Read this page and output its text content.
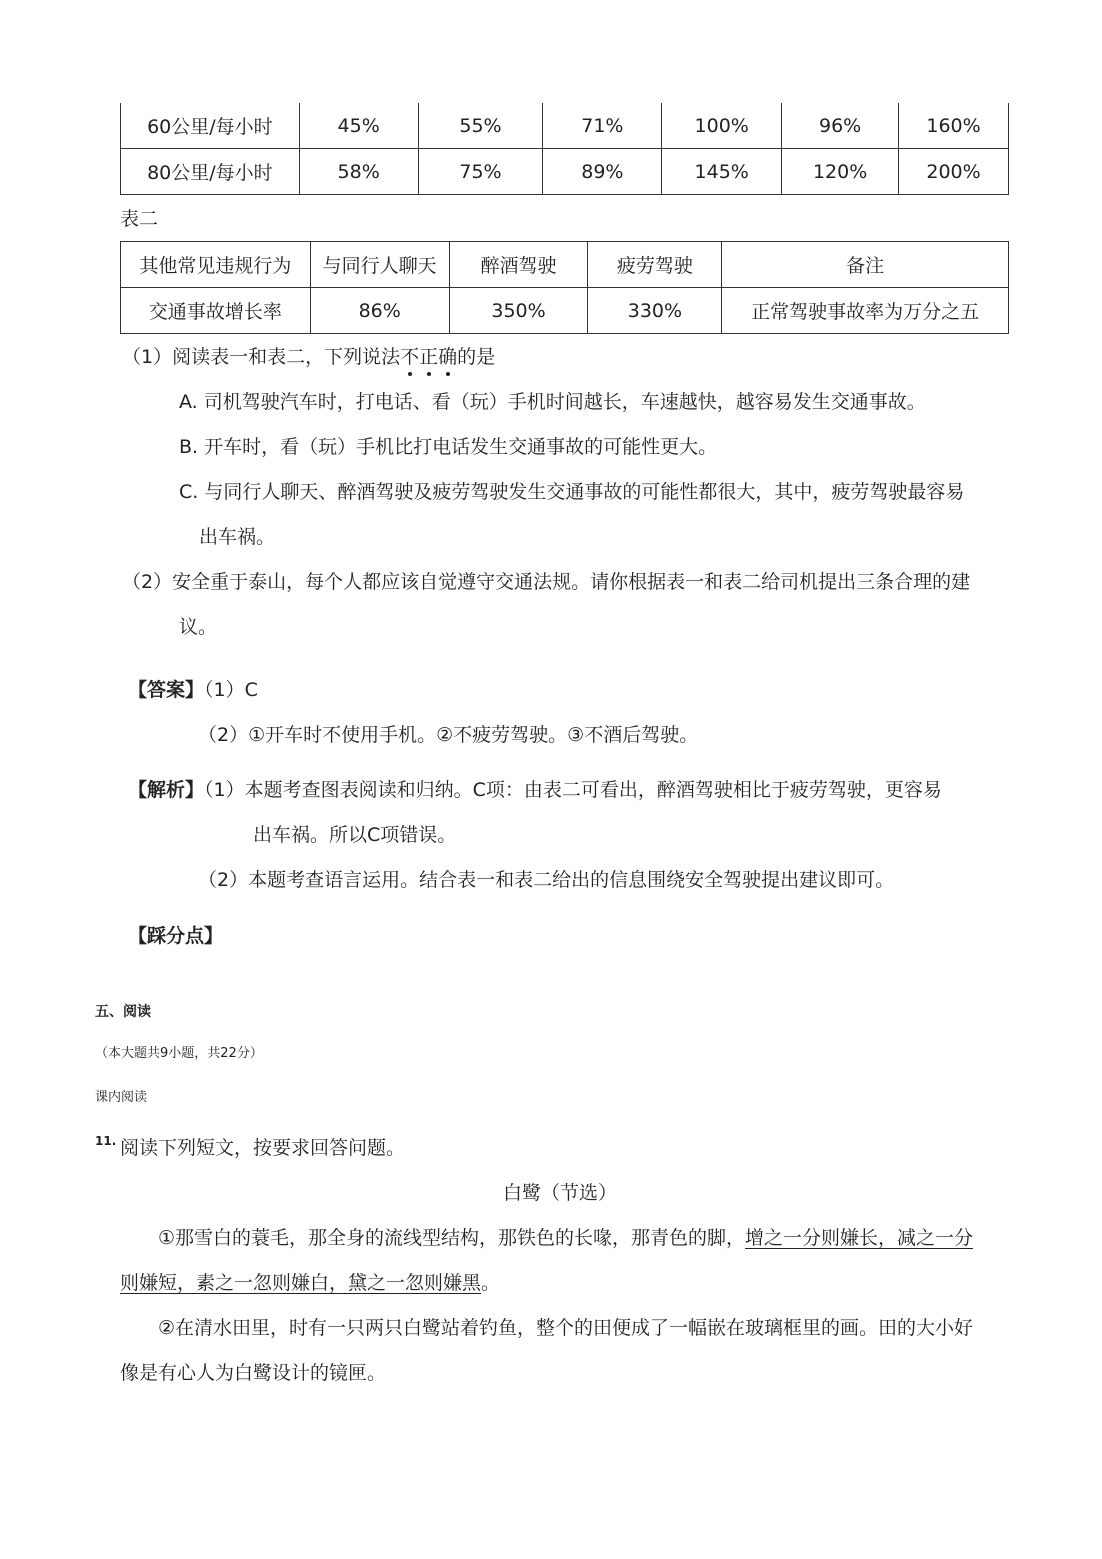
60公里/每小时	45%	55%	71%	100%	96%	160%
80公里/每小时	58%	75%	89%	145%	120%	200%
表二
其他常见违规行为	与同行人聊天	醉酒驾驶	疲劳驾驶	备注
交通事故增长率	86%	350%	330%	正常驾驶事故率为万分之五
（1）阅读表一和表二，下列说法不正确的是
A. 司机驾驶汽车时，打电话、看（玩）手机时间越长，车速越快，越容易发生交通事故。
B. 开车时，看（玩）手机比打电话发生交通事故的可能性更大。
C. 与同行人聊天、醉酒驾驶及疲劳驾驶发生交通事故的可能性都很大，其中，疲劳驾驶最容易
出车祸。
（2）安全重于泰山，每个人都应该自觉遵守交通法规。请你根据表一和表二给司机提出三条合理的建
议。
【答案】（1）C
（2）①开车时不使用手机。②不疲劳驾驶。③不酒后驾驶。
【解析】（1）本题考查图表阅读和归纳。C项：由表二可看出，醉酒驾驶相比于疲劳驾驶，更容易
出车祸。所以C项错误。
（2）本题考查语言运用。结合表一和表二给出的信息围绕安全驾驶提出建议即可。
【踩分点】
五、阅读
（本大题共9小题，共22分）
课内阅读
11. 阅读下列短文，按要求回答问题。
白鹭（节选）
①那雪白的蓑毛，那全身的流线型结构，那铁色的长喙，那青色的脚，增之一分则嫌长，减之一分
则嫌短，素之一忽则嫌白，黛之一忽则嫌黑。
②在清水田里，时有一只两只白鹭站着钓鱼，整个的田便成了一幅嵌在玻璃框里的画。田的大小好
像是有心人为白鹭设计的镜匣。
